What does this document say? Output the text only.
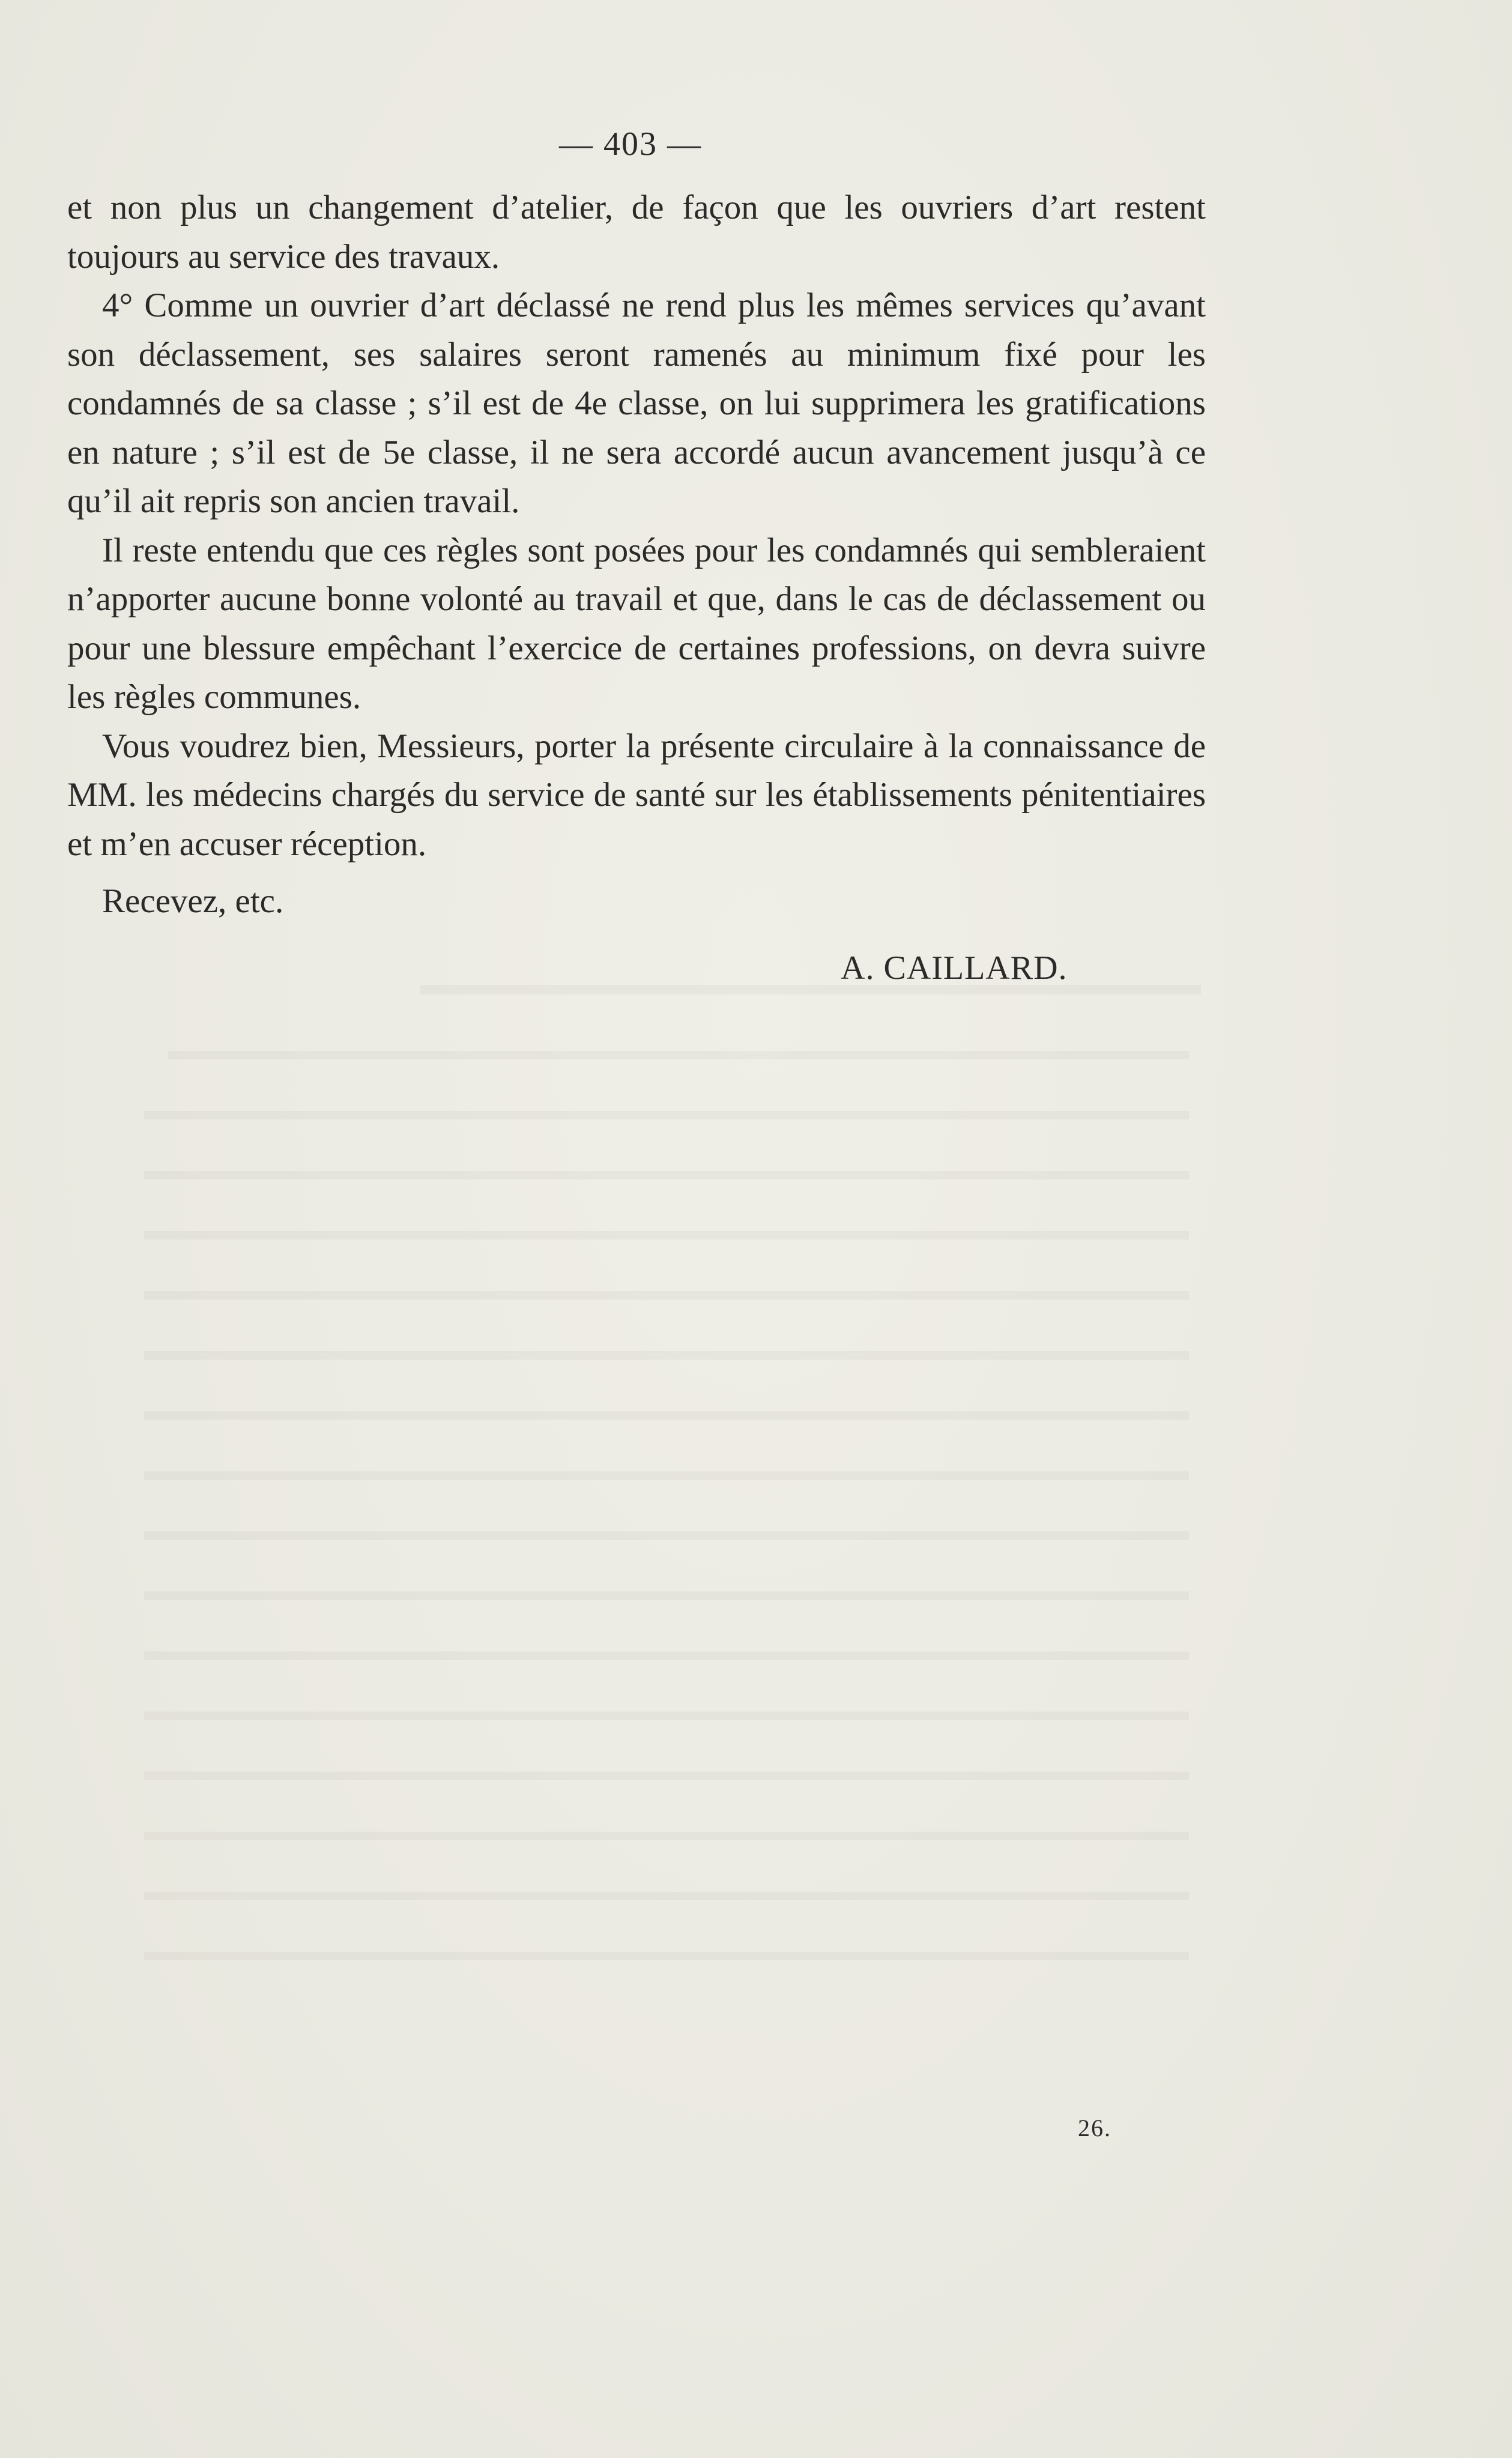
— 403 —

et non plus un changement d’atelier, de façon que les ouvriers d’art restent toujours au service des travaux.

4° Comme un ouvrier d’art déclassé ne rend plus les mêmes services qu’avant son déclassement, ses salaires seront ramenés au minimum fixé pour les condamnés de sa classe ; s’il est de 4e classe, on lui supprimera les gratifications en nature ; s’il est de 5e classe, il ne sera accordé aucun avancement jusqu’à ce qu’il ait repris son ancien travail.

Il reste entendu que ces règles sont posées pour les condamnés qui sembleraient n’apporter aucune bonne volonté au travail et que, dans le cas de déclassement ou pour une blessure empêchant l’exercice de certaines professions, on devra suivre les règles communes.

Vous voudrez bien, Messieurs, porter la présente circulaire à la connaissance de MM. les médecins chargés du service de santé sur les établissements pénitentiaires et m’en accuser réception.

Recevez, etc.

A. CAILLARD.
26.
